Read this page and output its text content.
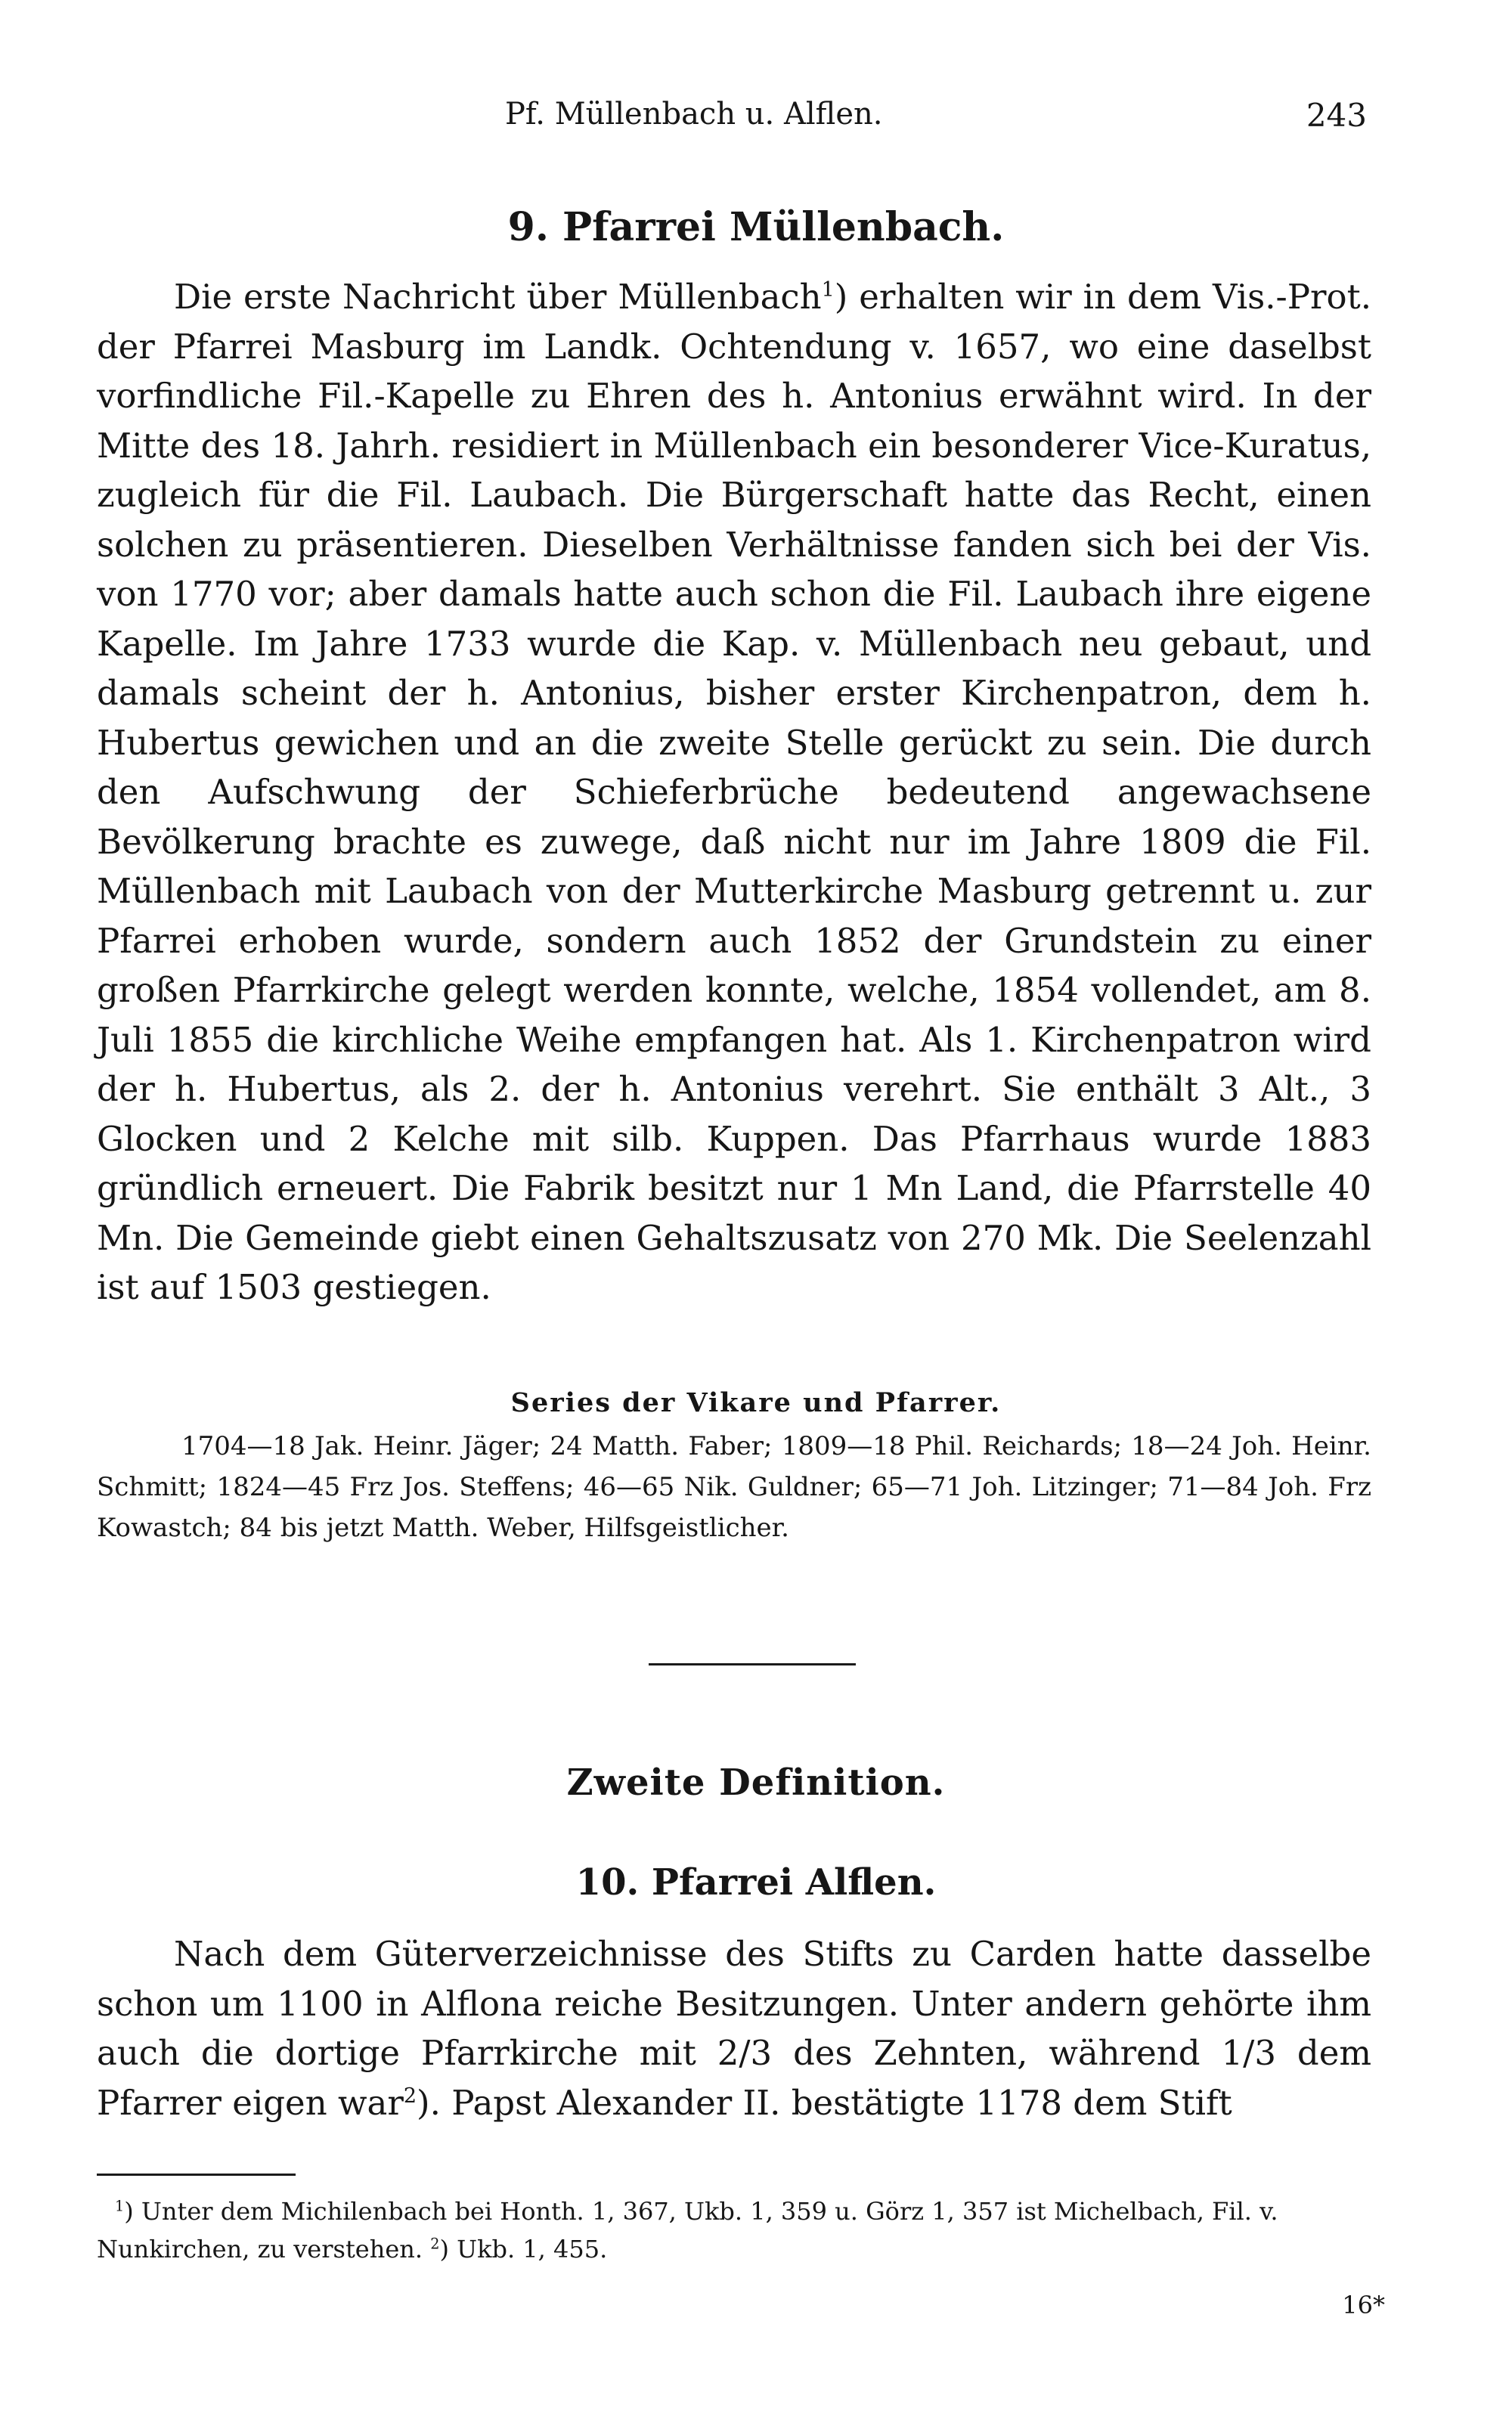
Pf. Müllenbach u. Alflen.	243
9. Pfarrei Müllenbach.

Die erste Nachricht über Müllenbach$^1$) erhalten wir in dem Vis.-Prot. der Pfarrei Masburg im Landk. Ochtendung v. 1657, wo eine daselbst vorfindliche Fil.-Kapelle zu Ehren des h. Antonius erwähnt wird. In der Mitte des 18. Jahrh. residiert in Müllenbach ein besonderer Vice-Kuratus, zugleich für die Fil. Laubach. Die Bürgerschaft hatte das Recht, einen solchen zu präsentieren. Dieselben Verhältnisse fanden sich bei der Vis. von 1770 vor; aber damals hatte auch schon die Fil. Laubach ihre eigene Kapelle. Im Jahre 1733 wurde die Kap. v. Müllenbach neu gebaut, und damals scheint der h. Antonius, bisher erster Kirchenpatron, dem h. Hubertus gewichen und an die zweite Stelle gerückt zu sein. Die durch den Aufschwung der Schieferbrüche bedeutend angewachsene Bevölkerung brachte es zuwege, daß nicht nur im Jahre 1809 die Fil. Müllenbach mit Laubach von der Mutterkirche Masburg getrennt u. zur Pfarrei erhoben wurde, sondern auch 1852 der Grundstein zu einer großen Pfarrkirche gelegt werden konnte, welche, 1854 vollendet, am 8. Juli 1855 die kirchliche Weihe empfangen hat. Als 1. Kirchenpatron wird der h. Hubertus, als 2. der h. Antonius verehrt. Sie enthält 3 Alt., 3 Glocken und 2 Kelche mit silb. Kuppen. Das Pfarrhaus wurde 1883 gründlich erneuert. Die Fabrik besitzt nur 1 Mn Land, die Pfarrstelle 40 Mn. Die Gemeinde giebt einen Gehaltszusatz von 270 Mk. Die Seelenzahl ist auf 1503 gestiegen.

Series der Vikare und Pfarrer.

1704—18 Jak. Heinr. Jäger; 24 Matth. Faber; 1809—18 Phil. Reichards; 18—24 Joh. Heinr. Schmitt; 1824—45 Frz Jos. Steffens; 46—65 Nik. Guldner; 65—71 Joh. Litzinger; 71—84 Joh. Frz Kowastch; 84 bis jetzt Matth. Weber, Hilfsgeistlicher.

Zweite Definition.
10. Pfarrei Alflen.

Nach dem Güterverzeichnisse des Stifts zu Carden hatte dasselbe schon um 1100 in Alflona reiche Besitzungen. Unter andern gehörte ihm auch die dortige Pfarrkirche mit 2/3 des Zehnten, während 1/3 dem Pfarrer eigen war$^2$). Papst Alexander II. bestätigte 1178 dem Stift

$^1$) Unter dem Michilenbach bei Honth. 1, 367, Ukb. 1, 359 u. Görz 1, 357 ist Michelbach, Fil. v. Nunkirchen, zu verstehen. $^2$) Ukb. 1, 455.

16*
